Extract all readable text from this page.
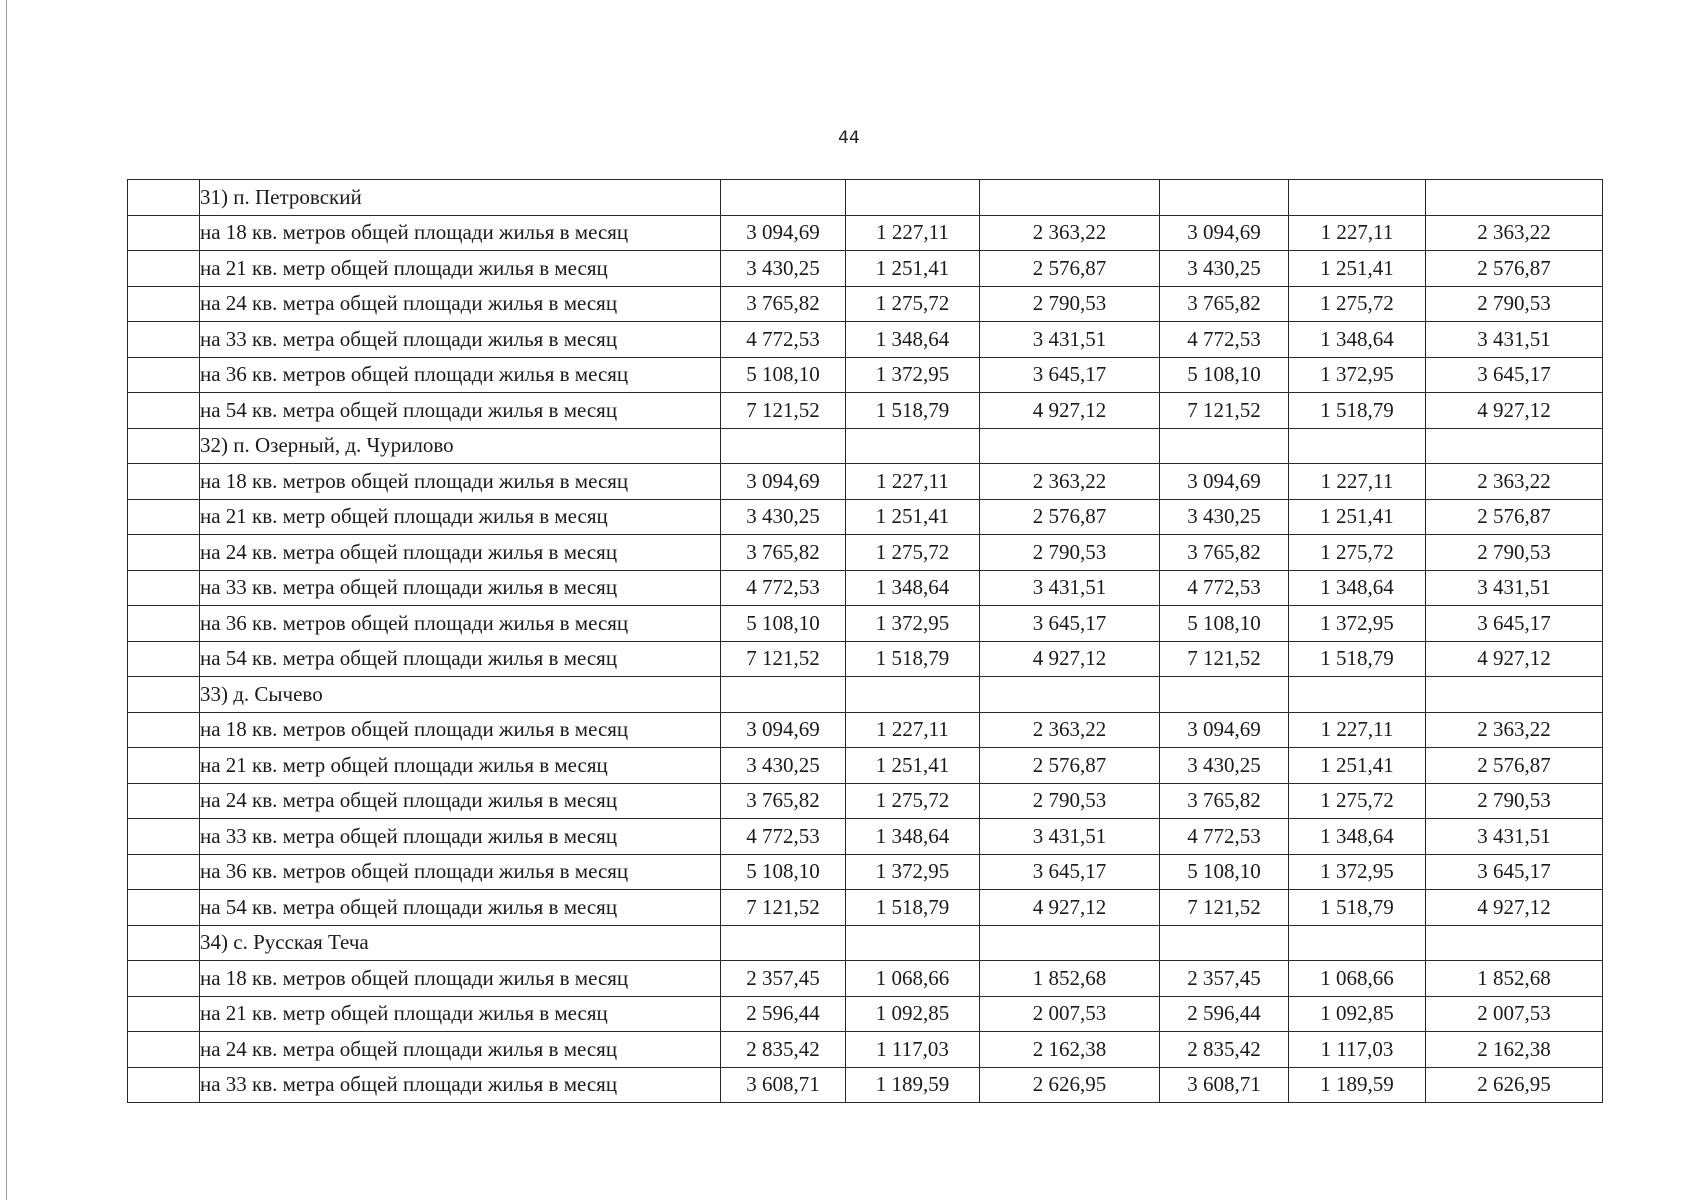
44
	31) п. Петровский						
	на 18 кв. метров общей площади жилья в месяц	3 094,69	1 227,11	2 363,22	3 094,69	1 227,11	2 363,22
	на 21 кв. метр общей площади жилья в месяц	3 430,25	1 251,41	2 576,87	3 430,25	1 251,41	2 576,87
	на 24 кв. метра общей площади жилья в месяц	3 765,82	1 275,72	2 790,53	3 765,82	1 275,72	2 790,53
	на 33 кв. метра общей площади жилья в месяц	4 772,53	1 348,64	3 431,51	4 772,53	1 348,64	3 431,51
	на 36 кв. метров общей площади жилья в месяц	5 108,10	1 372,95	3 645,17	5 108,10	1 372,95	3 645,17
	на 54 кв. метра общей площади жилья в месяц	7 121,52	1 518,79	4 927,12	7 121,52	1 518,79	4 927,12
	32) п. Озерный, д. Чурилово						
	на 18 кв. метров общей площади жилья в месяц	3 094,69	1 227,11	2 363,22	3 094,69	1 227,11	2 363,22
	на 21 кв. метр общей площади жилья в месяц	3 430,25	1 251,41	2 576,87	3 430,25	1 251,41	2 576,87
	на 24 кв. метра общей площади жилья в месяц	3 765,82	1 275,72	2 790,53	3 765,82	1 275,72	2 790,53
	на 33 кв. метра общей площади жилья в месяц	4 772,53	1 348,64	3 431,51	4 772,53	1 348,64	3 431,51
	на 36 кв. метров общей площади жилья в месяц	5 108,10	1 372,95	3 645,17	5 108,10	1 372,95	3 645,17
	на 54 кв. метра общей площади жилья в месяц	7 121,52	1 518,79	4 927,12	7 121,52	1 518,79	4 927,12
	33) д. Сычево						
	на 18 кв. метров общей площади жилья в месяц	3 094,69	1 227,11	2 363,22	3 094,69	1 227,11	2 363,22
	на 21 кв. метр общей площади жилья в месяц	3 430,25	1 251,41	2 576,87	3 430,25	1 251,41	2 576,87
	на 24 кв. метра общей площади жилья в месяц	3 765,82	1 275,72	2 790,53	3 765,82	1 275,72	2 790,53
	на 33 кв. метра общей площади жилья в месяц	4 772,53	1 348,64	3 431,51	4 772,53	1 348,64	3 431,51
	на 36 кв. метров общей площади жилья в месяц	5 108,10	1 372,95	3 645,17	5 108,10	1 372,95	3 645,17
	на 54 кв. метра общей площади жилья в месяц	7 121,52	1 518,79	4 927,12	7 121,52	1 518,79	4 927,12
	34) с. Русская Теча						
	на 18 кв. метров общей площади жилья в месяц	2 357,45	1 068,66	1 852,68	2 357,45	1 068,66	1 852,68
	на 21 кв. метр общей площади жилья в месяц	2 596,44	1 092,85	2 007,53	2 596,44	1 092,85	2 007,53
	на 24 кв. метра общей площади жилья в месяц	2 835,42	1 117,03	2 162,38	2 835,42	1 117,03	2 162,38
	на 33 кв. метра общей площади жилья в месяц	3 608,71	1 189,59	2 626,95	3 608,71	1 189,59	2 626,95
